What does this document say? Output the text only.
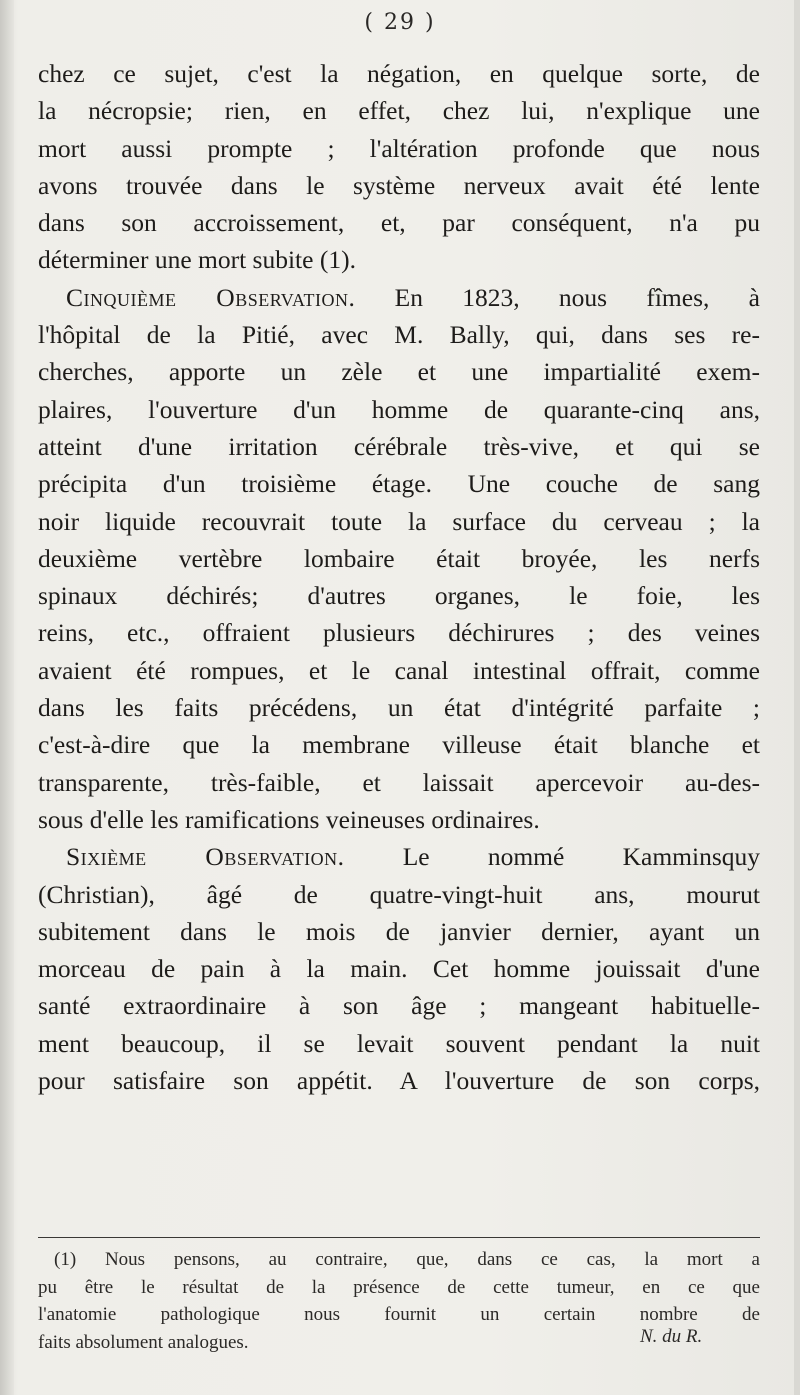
( 29 )
chez ce sujet, c'est la négation, en quelque sorte, de
la nécropsie; rien, en effet, chez lui, n'explique une
mort aussi prompte ; l'altération profonde que nous
avons trouvée dans le système nerveux avait été lente
dans son accroissement, et, par conséquent, n'a pu
déterminer une mort subite (1).
Cinquième Observation. En 1823, nous fîmes, à
l'hôpital de la Pitié, avec M. Bally, qui, dans ses re-
cherches, apporte un zèle et une impartialité exem-
plaires, l'ouverture d'un homme de quarante-cinq ans,
atteint d'une irritation cérébrale très-vive, et qui se
précipita d'un troisième étage. Une couche de sang
noir liquide recouvrait toute la surface du cerveau ; la
deuxième vertèbre lombaire était broyée, les nerfs
spinaux déchirés; d'autres organes, le foie, les
reins, etc., offraient plusieurs déchirures ; des veines
avaient été rompues, et le canal intestinal offrait, comme
dans les faits précédens, un état d'intégrité parfaite ;
c'est-à-dire que la membrane villeuse était blanche et
transparente, très-faible, et laissait apercevoir au-des-
sous d'elle les ramifications veineuses ordinaires.
Sixième Observation. Le nommé Kamminsquy
(Christian), âgé de quatre-vingt-huit ans, mourut
subitement dans le mois de janvier dernier, ayant un
morceau de pain à la main. Cet homme jouissait d'une
santé extraordinaire à son âge ; mangeant habituelle-
ment beaucoup, il se levait souvent pendant la nuit
pour satisfaire son appétit. A l'ouverture de son corps,
(1) Nous pensons, au contraire, que, dans ce cas, la mort a
pu être le résultat de la présence de cette tumeur, en ce que
l'anatomie pathologique nous fournit un certain nombre de
faits absolument analogues.	N. du R.
